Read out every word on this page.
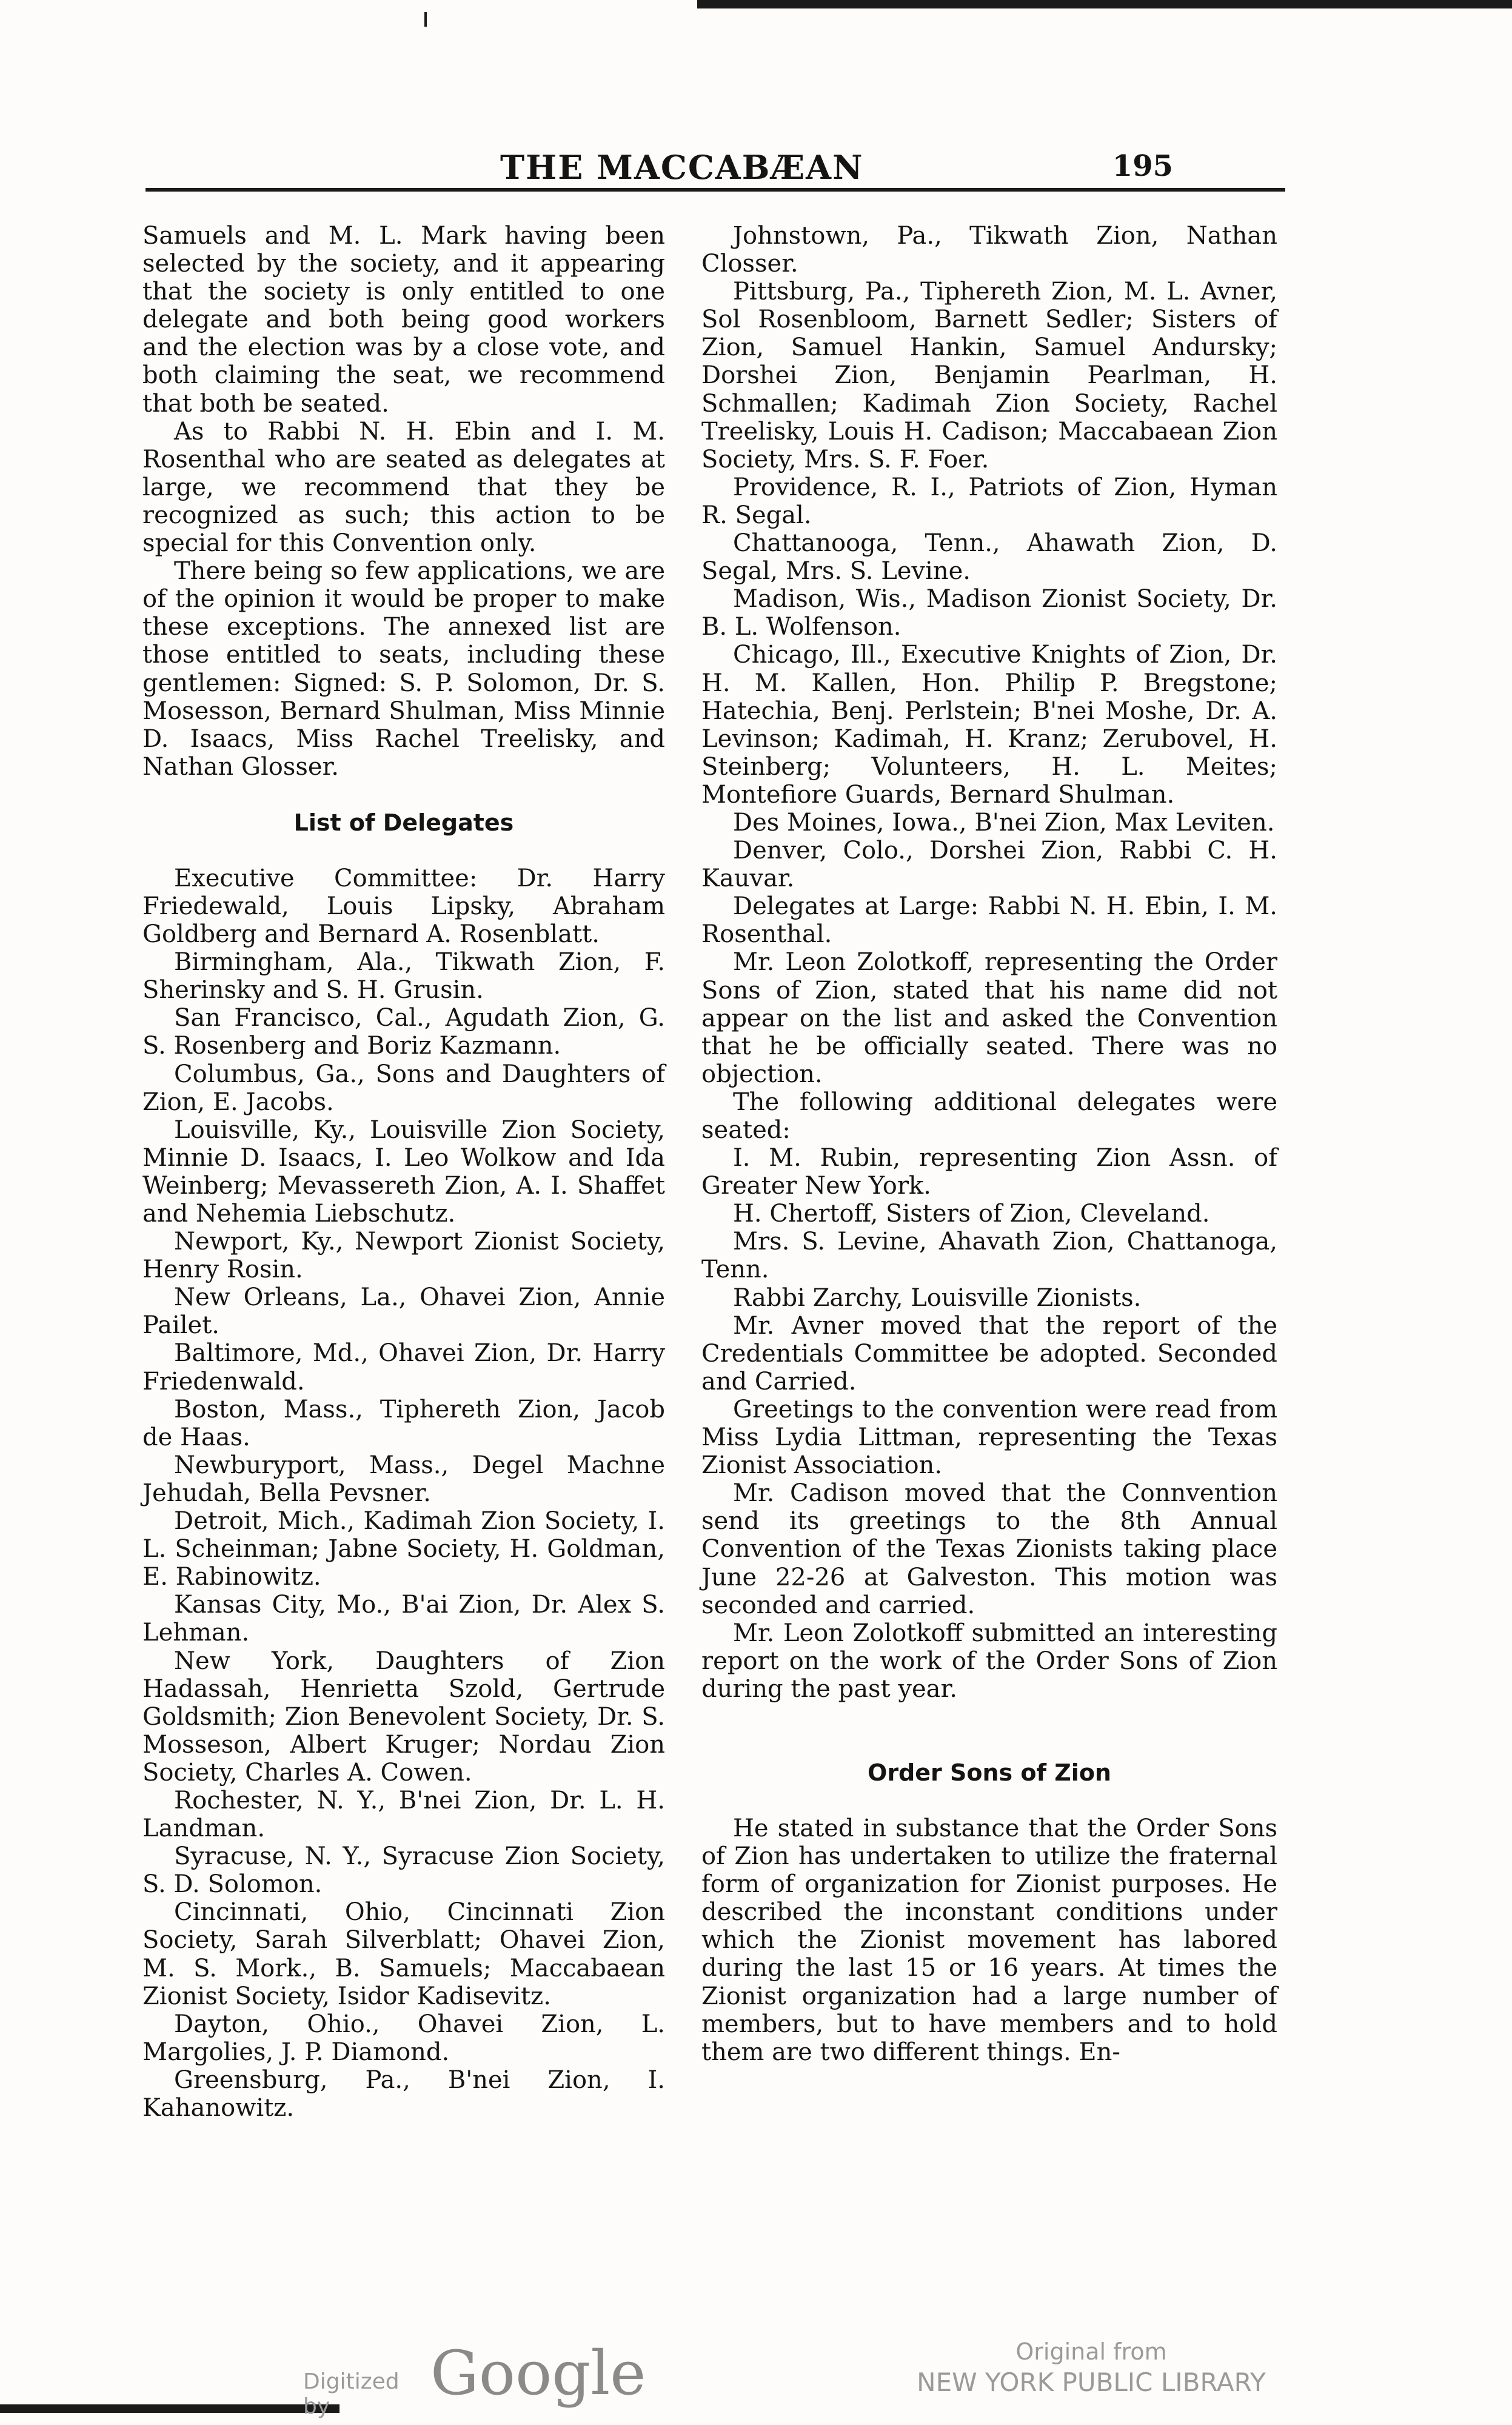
THE MACCABÆAN	195

Samuels and M. L. Mark having been selected by the society, and it appearing that the society is only entitled to one delegate and both being good workers and the election was by a close vote, and both claiming the seat, we recommend that both be seated.

As to Rabbi N. H. Ebin and I. M. Rosenthal who are seated as delegates at large, we recommend that they be recognized as such; this action to be special for this Convention only.

There being so few applications, we are of the opinion it would be proper to make these exceptions. The annexed list are those entitled to seats, including these gentlemen: Signed: S. P. Solomon, Dr. S. Mosesson, Bernard Shulman, Miss Minnie D. Isaacs, Miss Rachel Treelisky, and Nathan Glosser.

List of Delegates

Executive Committee: Dr. Harry Friedewald, Louis Lipsky, Abraham Goldberg and Bernard A. Rosenblatt.

Birmingham, Ala., Tikwath Zion, F. Sherinsky and S. H. Grusin.

San Francisco, Cal., Agudath Zion, G. S. Rosenberg and Boriz Kazmann.

Columbus, Ga., Sons and Daughters of Zion, E. Jacobs.

Louisville, Ky., Louisville Zion Society, Minnie D. Isaacs, I. Leo Wolkow and Ida Weinberg; Mevassereth Zion, A. I. Shaffet and Nehemia Liebschutz.

Newport, Ky., Newport Zionist Society, Henry Rosin.

New Orleans, La., Ohavei Zion, Annie Pailet.

Baltimore, Md., Ohavei Zion, Dr. Harry Friedenwald.

Boston, Mass., Tiphereth Zion, Jacob de Haas.

Newburyport, Mass., Degel Machne Jehudah, Bella Pevsner.

Detroit, Mich., Kadimah Zion Society, I. L. Scheinman; Jabne Society, H. Goldman, E. Rabinowitz.

Kansas City, Mo., B'ai Zion, Dr. Alex S. Lehman.

New York, Daughters of Zion Hadassah, Henrietta Szold, Gertrude Goldsmith; Zion Benevolent Society, Dr. S. Mosseson, Albert Kruger; Nordau Zion Society, Charles A. Cowen.

Rochester, N. Y., B'nei Zion, Dr. L. H. Landman.

Syracuse, N. Y., Syracuse Zion Society, S. D. Solomon.

Cincinnati, Ohio, Cincinnati Zion Society, Sarah Silverblatt; Ohavei Zion, M. S. Mork., B. Samuels; Maccabaean Zionist Society, Isidor Kadisevitz.

Dayton, Ohio., Ohavei Zion, L. Margolies, J. P. Diamond.

Greensburg, Pa., B'nei Zion, I. Kahanowitz.

Johnstown, Pa., Tikwath Zion, Nathan Closser.

Pittsburg, Pa., Tiphereth Zion, M. L. Avner, Sol Rosenbloom, Barnett Sedler; Sisters of Zion, Samuel Hankin, Samuel Andursky; Dorshei Zion, Benjamin Pearlman, H. Schmallen; Kadimah Zion Society, Rachel Treelisky, Louis H. Cadison; Maccabaean Zion Society, Mrs. S. F. Foer.

Providence, R. I., Patriots of Zion, Hyman R. Segal.

Chattanooga, Tenn., Ahawath Zion, D. Segal, Mrs. S. Levine.

Madison, Wis., Madison Zionist Society, Dr. B. L. Wolfenson.

Chicago, Ill., Executive Knights of Zion, Dr. H. M. Kallen, Hon. Philip P. Bregstone; Hatechia, Benj. Perlstein; B'nei Moshe, Dr. A. Levinson; Kadimah, H. Kranz; Zerubovel, H. Steinberg; Volunteers, H. L. Meites; Montefiore Guards, Bernard Shulman.

Des Moines, Iowa., B'nei Zion, Max Leviten.

Denver, Colo., Dorshei Zion, Rabbi C. H. Kauvar.

Delegates at Large: Rabbi N. H. Ebin, I. M. Rosenthal.

Mr. Leon Zolotkoff, representing the Order Sons of Zion, stated that his name did not appear on the list and asked the Convention that he be officially seated. There was no objection.

The following additional delegates were seated:

I. M. Rubin, representing Zion Assn. of Greater New York.

H. Chertoff, Sisters of Zion, Cleveland.

Mrs. S. Levine, Ahavath Zion, Chattanoga, Tenn.

Rabbi Zarchy, Louisville Zionists.

Mr. Avner moved that the report of the Credentials Committee be adopted. Seconded and Carried.

Greetings to the convention were read from Miss Lydia Littman, representing the Texas Zionist Association.

Mr. Cadison moved that the Connvention send its greetings to the 8th Annual Convention of the Texas Zionists taking place June 22-26 at Galveston. This motion was seconded and carried.

Mr. Leon Zolotkoff submitted an interesting report on the work of the Order Sons of Zion during the past year.

Order Sons of Zion

He stated in substance that the Order Sons of Zion has undertaken to utilize the fraternal form of organization for Zionist purposes. He described the inconstant conditions under which the Zionist movement has labored during the last 15 or 16 years. At times the Zionist organization had a large number of members, but to have members and to hold them are two different things. En-

Digitized by	Google	Original from
NEW YORK PUBLIC LIBRARY
